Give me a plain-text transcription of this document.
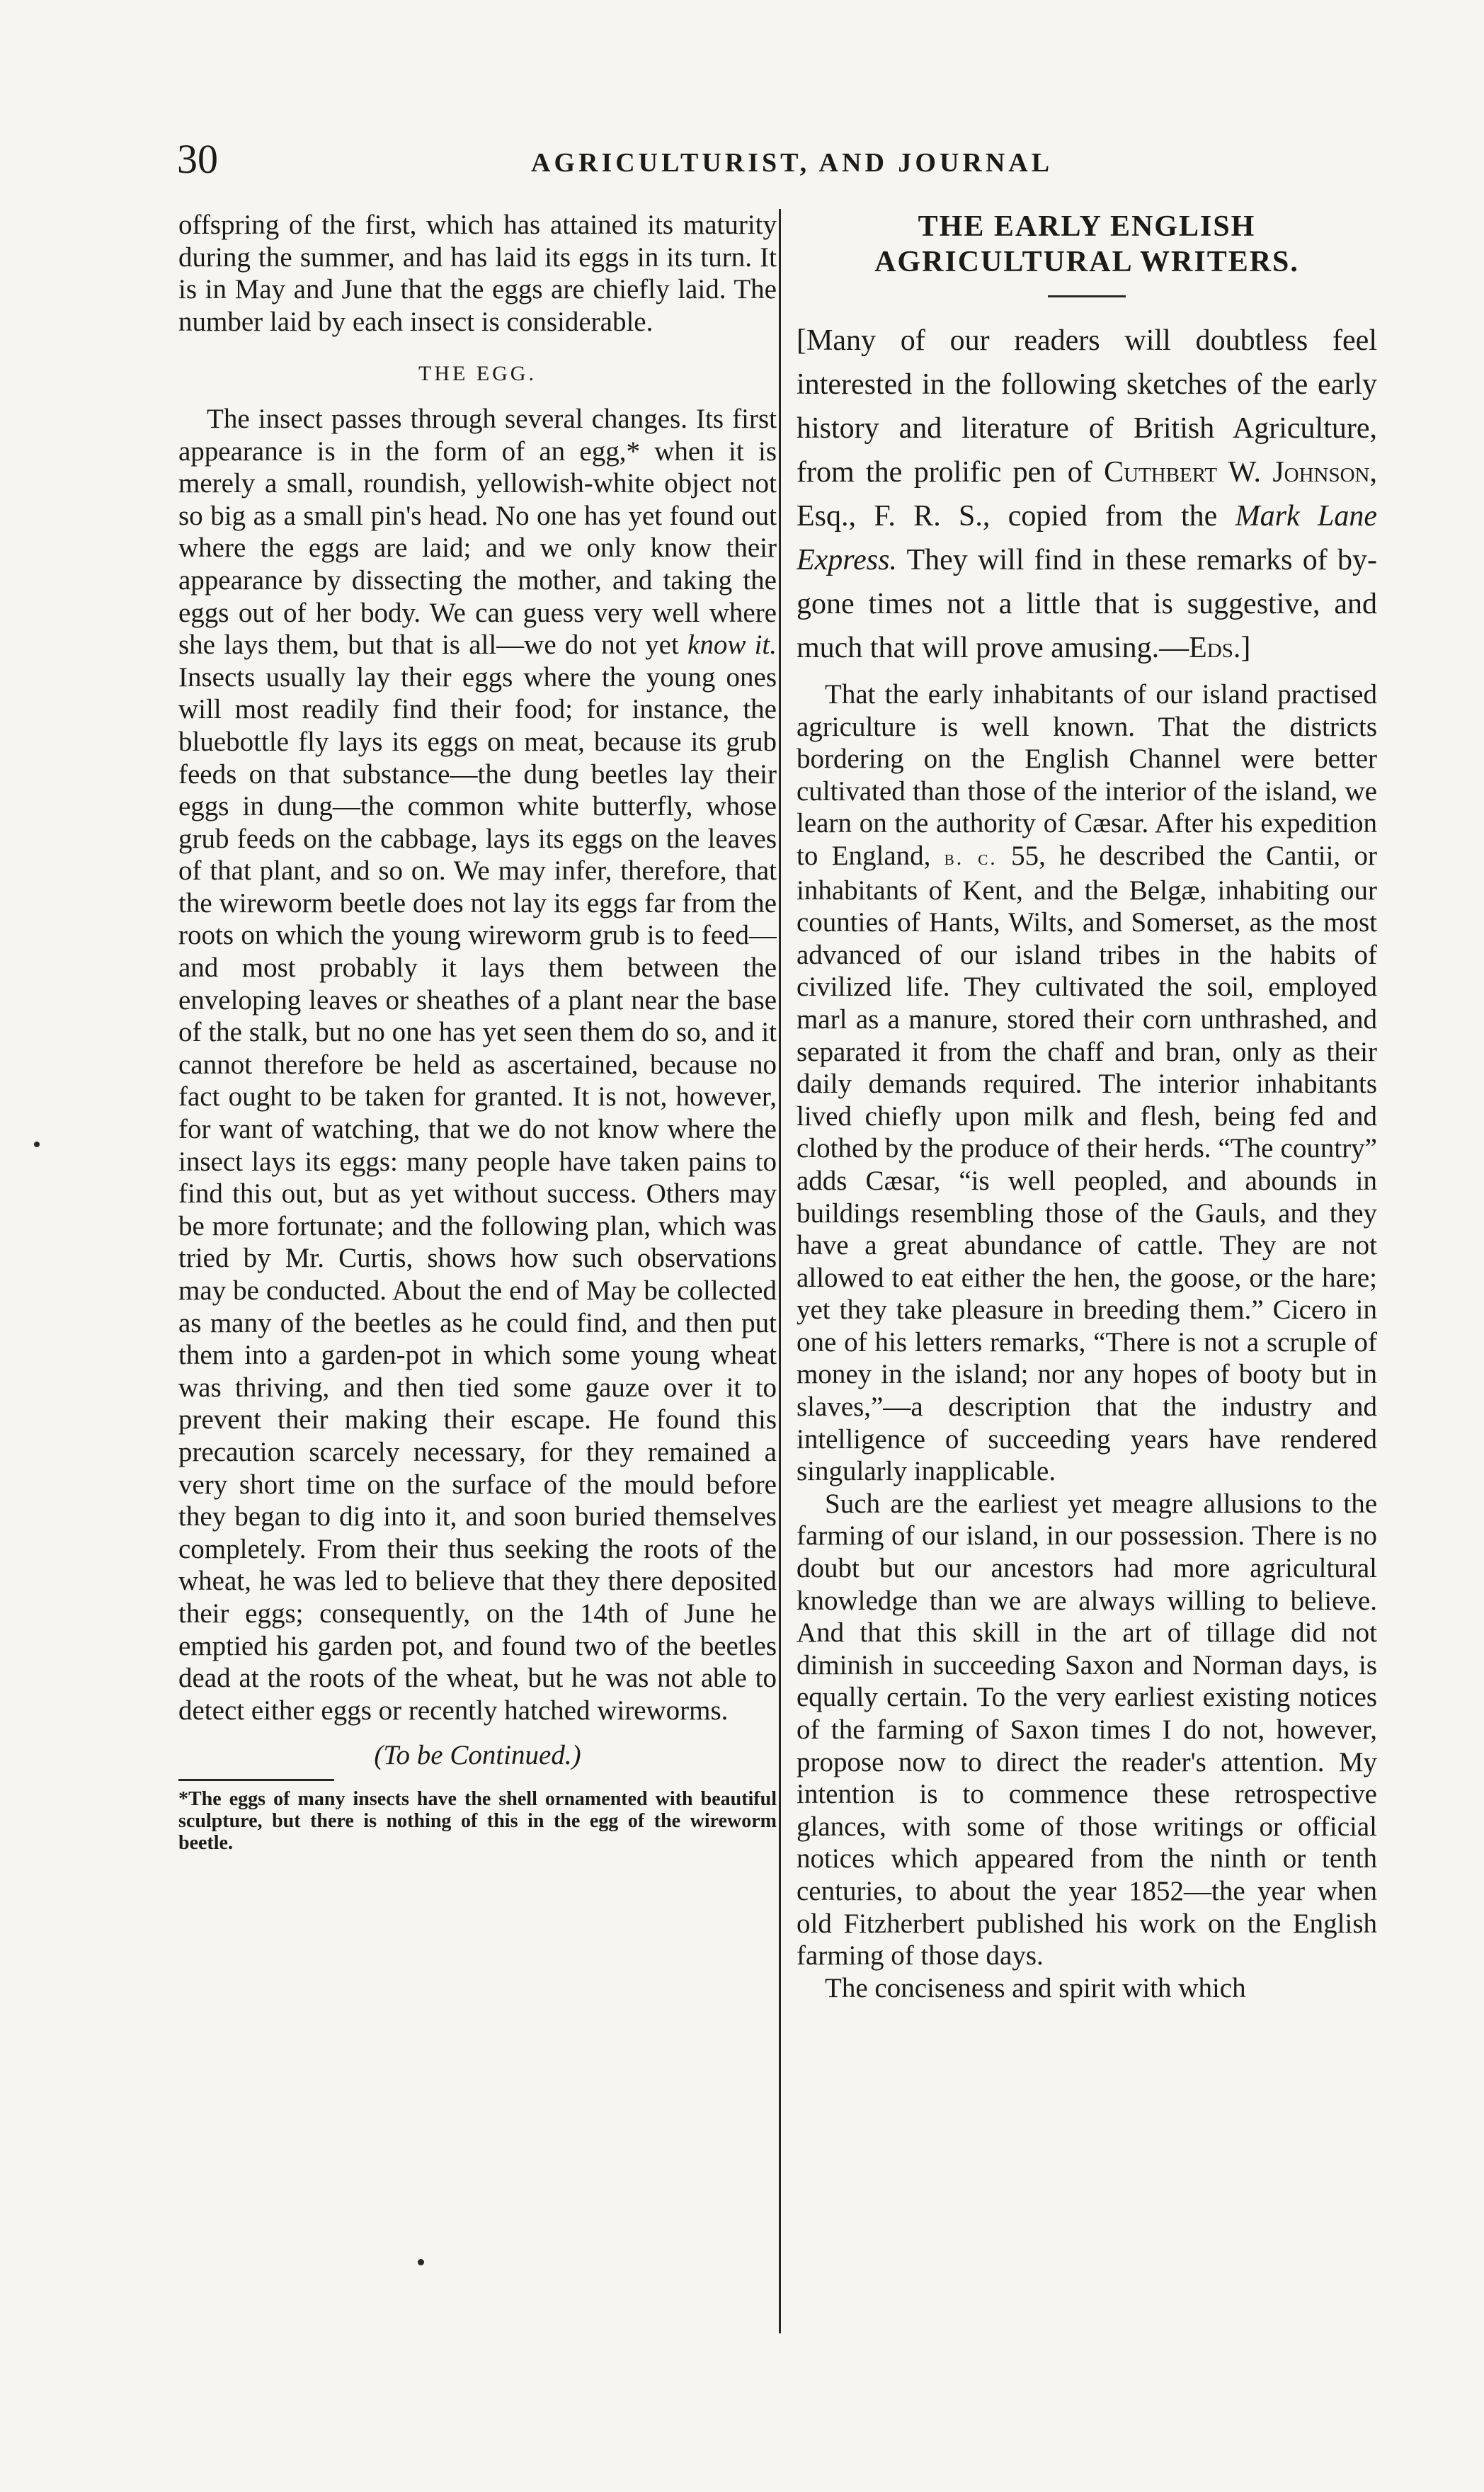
30	AGRICULTURIST, AND JOURNAL

offspring of the first, which has attained its maturity during the summer, and has laid its eggs in its turn. It is in May and June that the eggs are chiefly laid. The number laid by each insect is considerable.

THE EGG.

The insect passes through several changes. Its first appearance is in the form of an egg,* when it is merely a small, roundish, yellowish-white object not so big as a small pin's head. No one has yet found out where the eggs are laid; and we only know their appearance by dissecting the mother, and taking the eggs out of her body. We can guess very well where she lays them, but that is all—we do not yet know it. Insects usually lay their eggs where the young ones will most readily find their food; for instance, the bluebottle fly lays its eggs on meat, because its grub feeds on that substance—the dung beetles lay their eggs in dung—the common white butterfly, whose grub feeds on the cabbage, lays its eggs on the leaves of that plant, and so on. We may infer, therefore, that the wireworm beetle does not lay its eggs far from the roots on which the young wireworm grub is to feed—and most probably it lays them between the enveloping leaves or sheathes of a plant near the base of the stalk, but no one has yet seen them do so, and it cannot therefore be held as ascertained, because no fact ought to be taken for granted. It is not, however, for want of watching, that we do not know where the insect lays its eggs: many people have taken pains to find this out, but as yet without success. Others may be more fortunate; and the following plan, which was tried by Mr. Curtis, shows how such observations may be conducted. About the end of May be collected as many of the beetles as he could find, and then put them into a garden-pot in which some young wheat was thriving, and then tied some gauze over it to prevent their making their escape. He found this precaution scarcely necessary, for they remained a very short time on the surface of the mould before they began to dig into it, and soon buried themselves completely. From their thus seeking the roots of the wheat, he was led to believe that they there deposited their eggs; consequently, on the 14th of June he emptied his garden pot, and found two of the beetles dead at the roots of the wheat, but he was not able to detect either eggs or recently hatched wireworms.

(To be Continued.)

*The eggs of many insects have the shell ornamented with beautiful sculpture, but there is nothing of this in the egg of the wireworm beetle.

THE EARLY ENGLISH AGRICULTURAL WRITERS.

[Many of our readers will doubtless feel interested in the following sketches of the early history and literature of British Agriculture, from the prolific pen of Cuthbert W. Johnson, Esq., F. R. S., copied from the Mark Lane Express. They will find in these remarks of by-gone times not a little that is suggestive, and much that will prove amusing.—Eds.]

That the early inhabitants of our island practised agriculture is well known. That the districts bordering on the English Channel were better cultivated than those of the interior of the island, we learn on the authority of Cæsar. After his expedition to England, b. c. 55, he described the Cantii, or inhabitants of Kent, and the Belgæ, inhabiting our counties of Hants, Wilts, and Somerset, as the most advanced of our island tribes in the habits of civilized life. They cultivated the soil, employed marl as a manure, stored their corn unthrashed, and separated it from the chaff and bran, only as their daily demands required. The interior inhabitants lived chiefly upon milk and flesh, being fed and clothed by the produce of their herds. “The country” adds Cæsar, “is well peopled, and abounds in buildings resembling those of the Gauls, and they have a great abundance of cattle. They are not allowed to eat either the hen, the goose, or the hare; yet they take pleasure in breeding them.” Cicero in one of his letters remarks, “There is not a scruple of money in the island; nor any hopes of booty but in slaves,”—a description that the industry and intelligence of succeeding years have rendered singularly inapplicable.

Such are the earliest yet meagre allusions to the farming of our island, in our possession. There is no doubt but our ancestors had more agricultural knowledge than we are always willing to believe. And that this skill in the art of tillage did not diminish in succeeding Saxon and Norman days, is equally certain. To the very earliest existing notices of the farming of Saxon times I do not, however, propose now to direct the reader's attention. My intention is to commence these retrospective glances, with some of those writings or official notices which appeared from the ninth or tenth centuries, to about the year 1852—the year when old Fitzherbert published his work on the English farming of those days.

The conciseness and spirit with which
